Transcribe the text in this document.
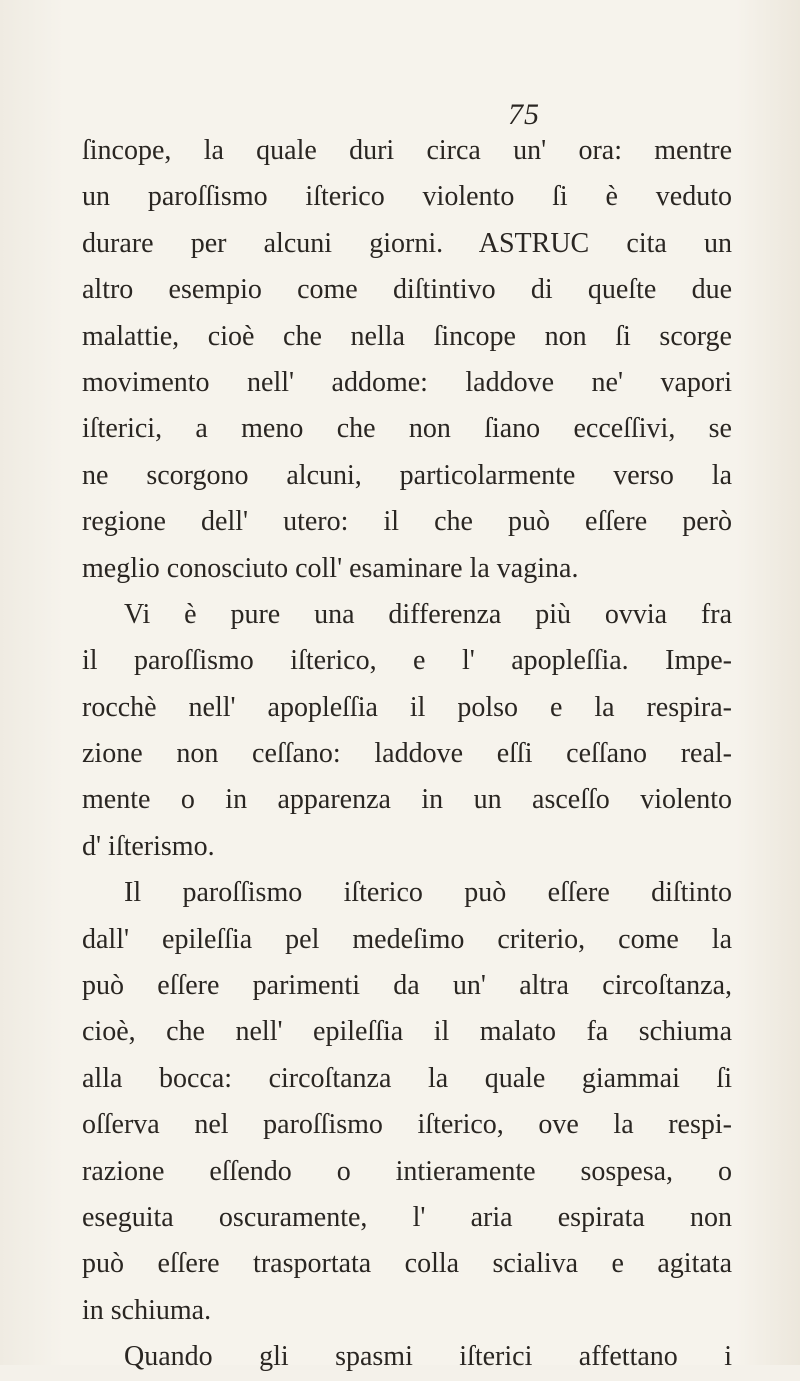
75
ſincope, la quale duri circa un' ora: mentre
un paroſſismo iſterico violento ſi è veduto
durare per alcuni giorni. ASTRUC cita un
altro esempio come diſtintivo di queſte due
malattie, cioè che nella ſincope non ſi scorge
movimento nell' addome: laddove ne' vapori
iſterici, a meno che non ſiano ecceſſivi, se
ne scorgono alcuni, particolarmente verso la
regione dell' utero: il che può eſſere però
meglio conosciuto coll' esaminare la vagina.
Vi è pure una differenza più ovvia fra
il paroſſismo iſterico, e l' apopleſſia. Impe-
rocchè nell' apopleſſia il polso e la respira-
zione non ceſſano: laddove eſſi ceſſano real-
mente o in apparenza in un asceſſo violento
d' iſterismo.
Il paroſſismo iſterico può eſſere diſtinto
dall' epileſſia pel medeſimo criterio, come la
può eſſere parimenti da un' altra circoſtanza,
cioè, che nell' epileſſia il malato fa schiuma
alla bocca: circoſtanza la quale giammai ſi
oſſerva nel paroſſismo iſterico, ove la respi-
razione eſſendo o intieramente sospesa, o
eseguita oscuramente, l' aria espirata non
può eſſere trasportata colla scialiva e agitata
in schiuma.
Quando gli spasmi iſterici affettano i
